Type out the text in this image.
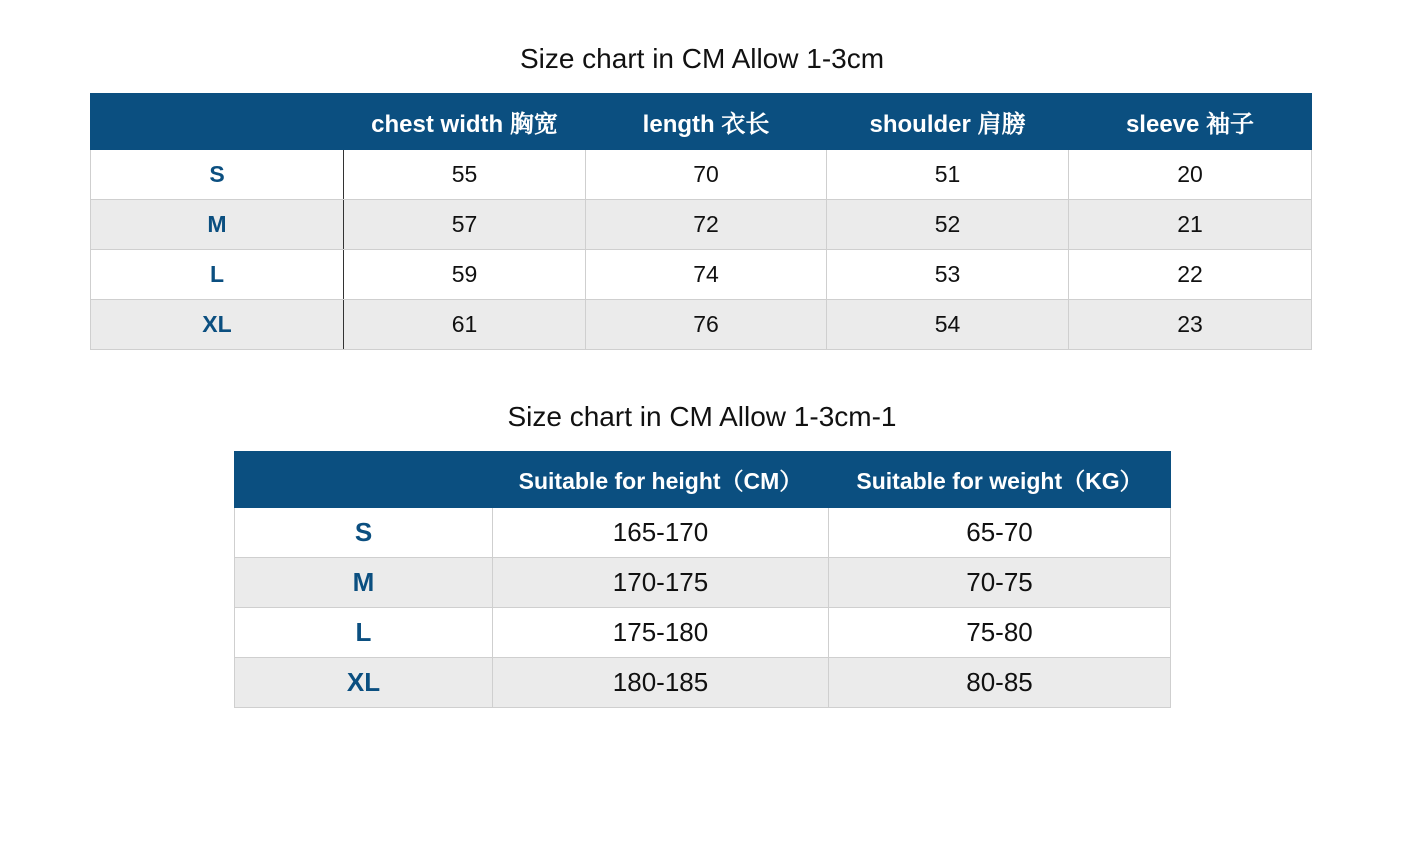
Size chart in CM Allow 1-3cm
	chest width 胸宽	length 衣长	shoulder 肩膀	sleeve 袖子
S	55	70	51	20
M	57	72	52	21
L	59	74	53	22
XL	61	76	54	23
Size chart in CM Allow 1-3cm-1
	Suitable for height（CM）	Suitable for weight（KG）
S	165-170	65-70
M	170-175	70-75
L	175-180	75-80
XL	180-185	80-85
